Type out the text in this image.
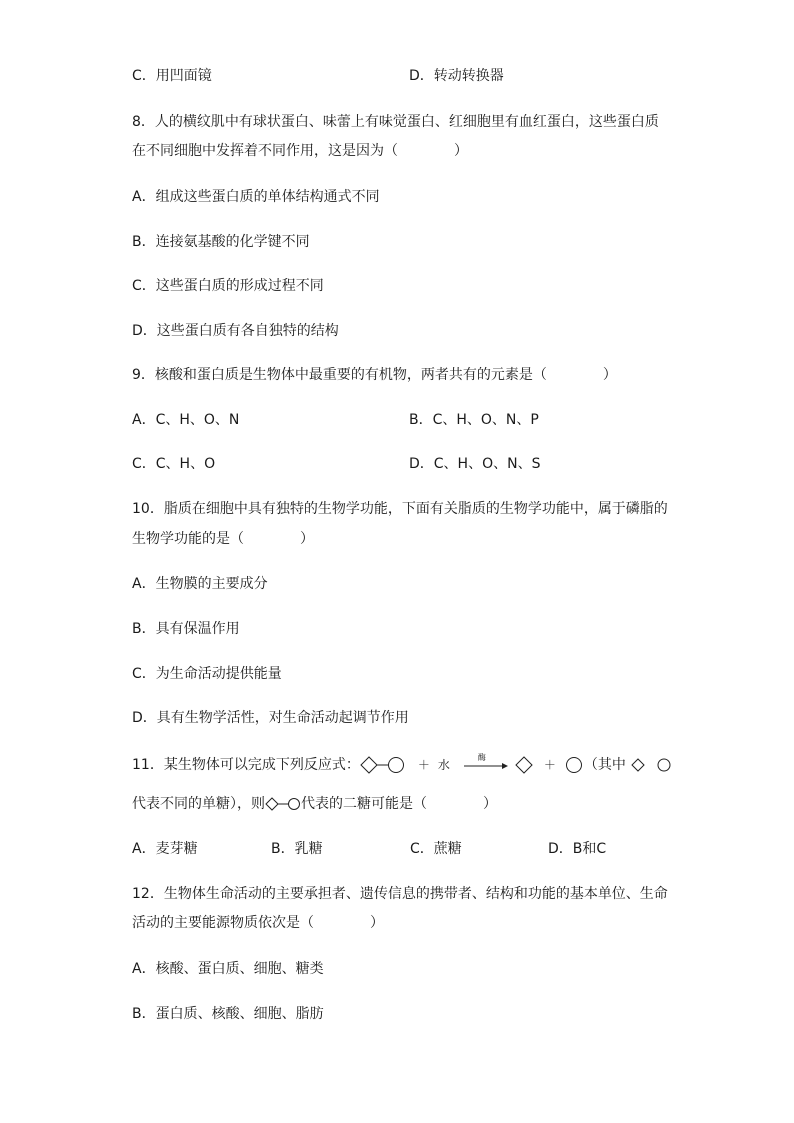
C．用凹面镜	D．转动转换器
8．人的横纹肌中有球状蛋白、味蕾上有味觉蛋白、红细胞里有血红蛋白，这些蛋白质
在不同细胞中发挥着不同作用，这是因为（　　　　）
A．组成这些蛋白质的单体结构通式不同
B．连接氨基酸的化学键不同
C．这些蛋白质的形成过程不同
D．这些蛋白质有各自独特的结构
9．核酸和蛋白质是生物体中最重要的有机物，两者共有的元素是（　　　　）
A．C、H、O、N	B．C、H、O、N、P
C．C、H、O	D．C、H、O、N、S
10．脂质在细胞中具有独特的生物学功能，下面有关脂质的生物学功能中，属于磷脂的
生物学功能的是（　　　　）
A．生物膜的主要成分
B．具有保温作用
C．为生命活动提供能量
D．具有生物学活性，对生命活动起调节作用
11．某生物体可以完成下列反应式：	＋ 水
酶
＋ （其中
代表不同的单糖），则	代表的二糖可能是（　　　　）
A．麦芽糖	B．乳糖	C．蔗糖	D．B和C
12．生物体生命活动的主要承担者、遗传信息的携带者、结构和功能的基本单位、生命
活动的主要能源物质依次是（　　　　）
A．核酸、蛋白质、细胞、糖类
B．蛋白质、核酸、细胞、脂肪
